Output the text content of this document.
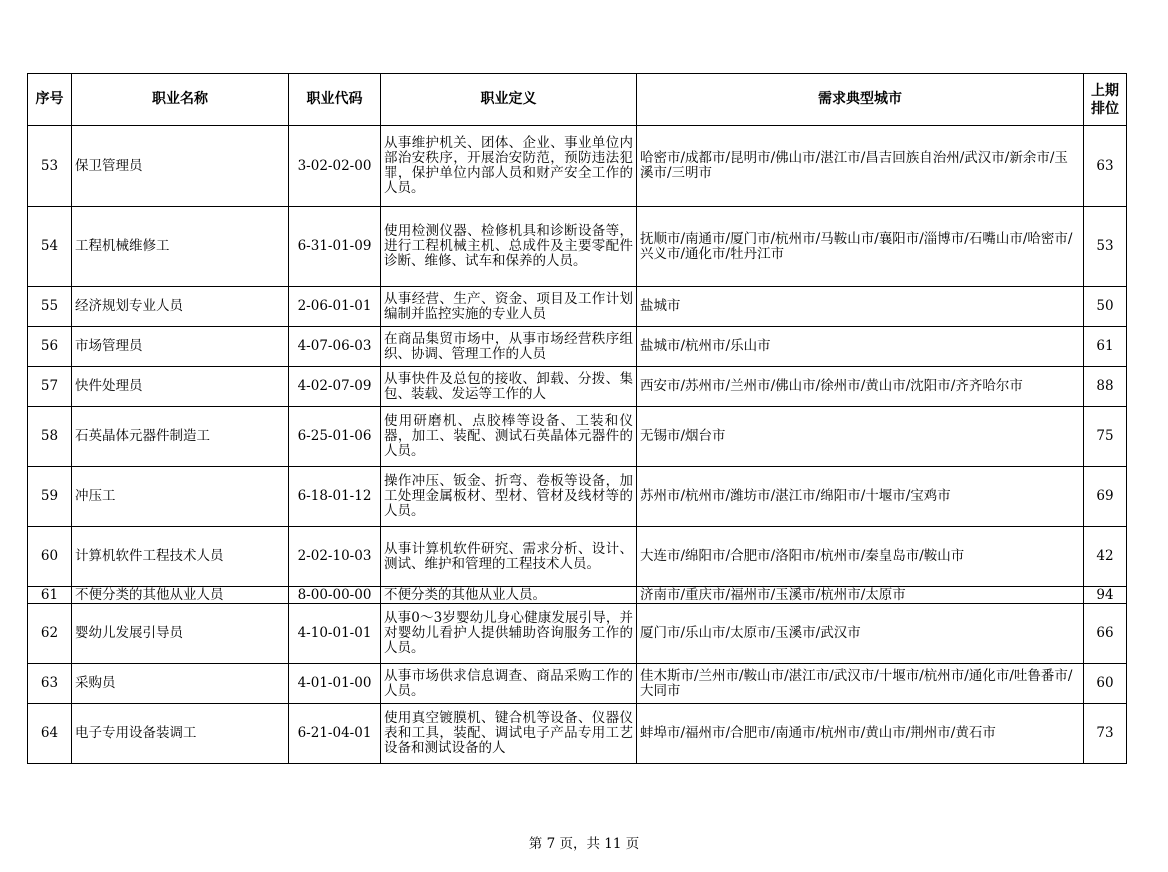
序号	职业名称	职业代码	职业定义	需求典型城市	上期
排位

53	保卫管理员	3-02-02-00	从事维护机关、团体、企业、事业单位内部治安秩序，开展治安防范，预防违法犯罪，保护单位内部人员和财产安全工作的人员。	哈密市/成都市/昆明市/佛山市/湛江市/昌吉回族自治州/武汉市/新余市/玉溪市/三明市	63
54	工程机械维修工	6-31-01-09	使用检测仪器、检修机具和诊断设备等，进行工程机械主机、总成件及主要零配件诊断、维修、试车和保养的人员。	抚顺市/南通市/厦门市/杭州市/马鞍山市/襄阳市/淄博市/石嘴山市/哈密市/兴义市/通化市/牡丹江市	53
55	经济规划专业人员	2-06-01-01	从事经营、生产、资金、项目及工作计划编制并监控实施的专业人员	盐城市	50
56	市场管理员	4-07-06-03	在商品集贸市场中，从事市场经营秩序组织、协调、管理工作的人员	盐城市/杭州市/乐山市	61
57	快件处理员	4-02-07-09	从事快件及总包的接收、卸载、分拨、集包、装载、发运等工作的人	西安市/苏州市/兰州市/佛山市/徐州市/黄山市/沈阳市/齐齐哈尔市	88
58	石英晶体元器件制造工	6-25-01-06	使用研磨机、点胶棒等设备、工装和仪器，加工、装配、测试石英晶体元器件的人员。	无锡市/烟台市	75
59	冲压工	6-18-01-12	操作冲压、钣金、折弯、卷板等设备，加工处理金属板材、型材、管材及线材等的人员。	苏州市/杭州市/潍坊市/湛江市/绵阳市/十堰市/宝鸡市	69
60	计算机软件工程技术人员	2-02-10-03	从事计算机软件研究、需求分析、设计、测试、维护和管理的工程技术人员。	大连市/绵阳市/合肥市/洛阳市/杭州市/秦皇岛市/鞍山市	42
61	不便分类的其他从业人员	8-00-00-00	不便分类的其他从业人员。	济南市/重庆市/福州市/玉溪市/杭州市/太原市	94
62	婴幼儿发展引导员	4-10-01-01	从事0～3岁婴幼儿身心健康发展引导，并对婴幼儿看护人提供辅助咨询服务工作的人员。	厦门市/乐山市/太原市/玉溪市/武汉市	66
63	采购员	4-01-01-00	从事市场供求信息调查、商品采购工作的人员。	佳木斯市/兰州市/鞍山市/湛江市/武汉市/十堰市/杭州市/通化市/吐鲁番市/大同市	60
64	电子专用设备装调工	6-21-04-01	使用真空镀膜机、键合机等设备、仪器仪表和工具，装配、调试电子产品专用工艺设备和测试设备的人	蚌埠市/福州市/合肥市/南通市/杭州市/黄山市/荆州市/黄石市	73
第 7 页，共 11 页
